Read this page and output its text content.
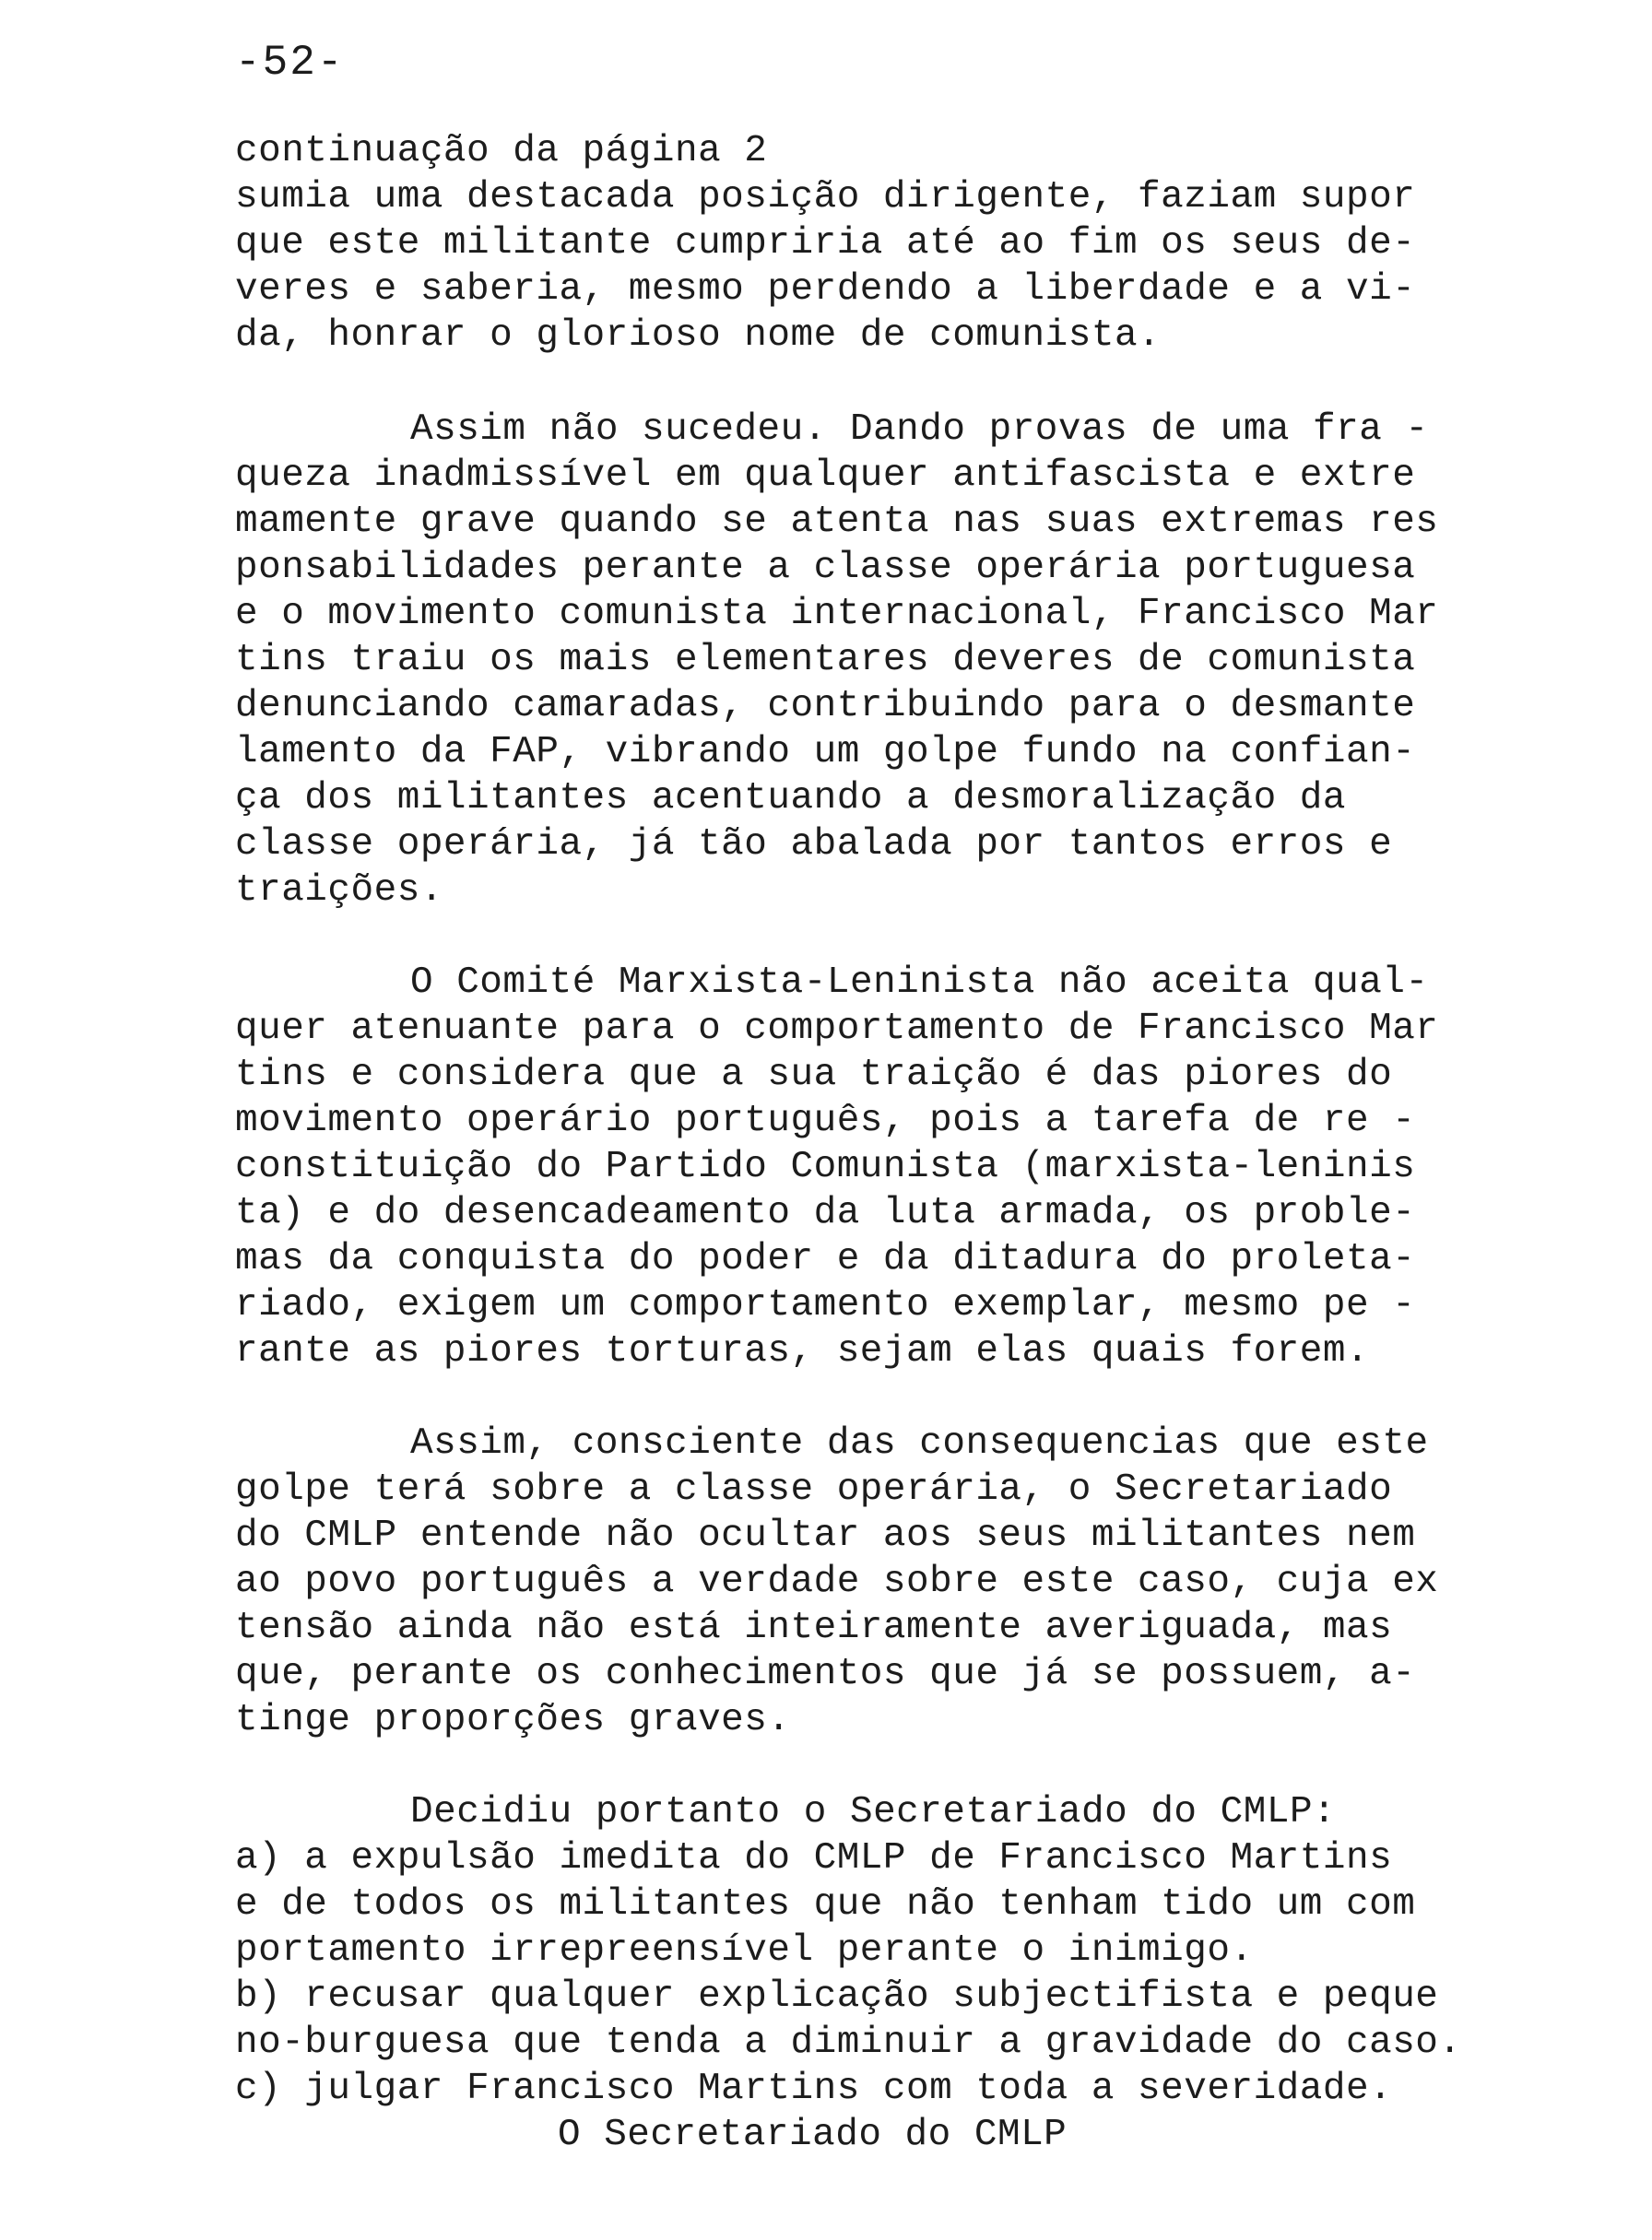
-52-
continuação da página 2
sumia uma destacada posição dirigente, faziam supor
que este militante cumpriria até ao fim os seus de-
veres e saberia, mesmo perdendo a liberdade e a vi-
da, honrar o glorioso nome de comunista.
Assim não sucedeu. Dando provas de uma fra -
queza inadmissível em qualquer antifascista e extre
mamente grave quando se atenta nas suas extremas res
ponsabilidades perante a classe operária portuguesa
e o movimento comunista internacional, Francisco Mar
tins traiu os mais elementares deveres de comunista
denunciando camaradas, contribuindo para o desmante
lamento da FAP, vibrando um golpe fundo na confian-
ça dos militantes acentuando a desmoralização da
classe operária, já tão abalada por tantos erros e
traições.
O Comité Marxista-Leninista não aceita qual-
quer atenuante para o comportamento de Francisco Mar
tins e considera que a sua traição é das piores do
movimento operário português, pois a tarefa de re -
constituição do Partido Comunista (marxista-leninis
ta) e do desencadeamento da luta armada, os proble-
mas da conquista do poder e da ditadura do proleta-
riado, exigem um comportamento exemplar, mesmo pe -
rante as piores torturas, sejam elas quais forem.
Assim, consciente das consequencias que este
golpe terá sobre a classe operária, o Secretariado
do CMLP entende não ocultar aos seus militantes nem
ao povo português a verdade sobre este caso, cuja ex
tensão ainda não está inteiramente averiguada, mas
que, perante os conhecimentos que já se possuem, a-
tinge proporções graves.
Decidiu portanto o Secretariado do CMLP:
a) a expulsão imedita do CMLP de Francisco Martins
e de todos os militantes que não tenham tido um com
portamento irrepreensível perante o inimigo.
b) recusar qualquer explicação subjectifista e peque
no-burguesa que tenda a diminuir a gravidade do caso.
c) julgar Francisco Martins com toda a severidade.
O Secretariado do CMLP
